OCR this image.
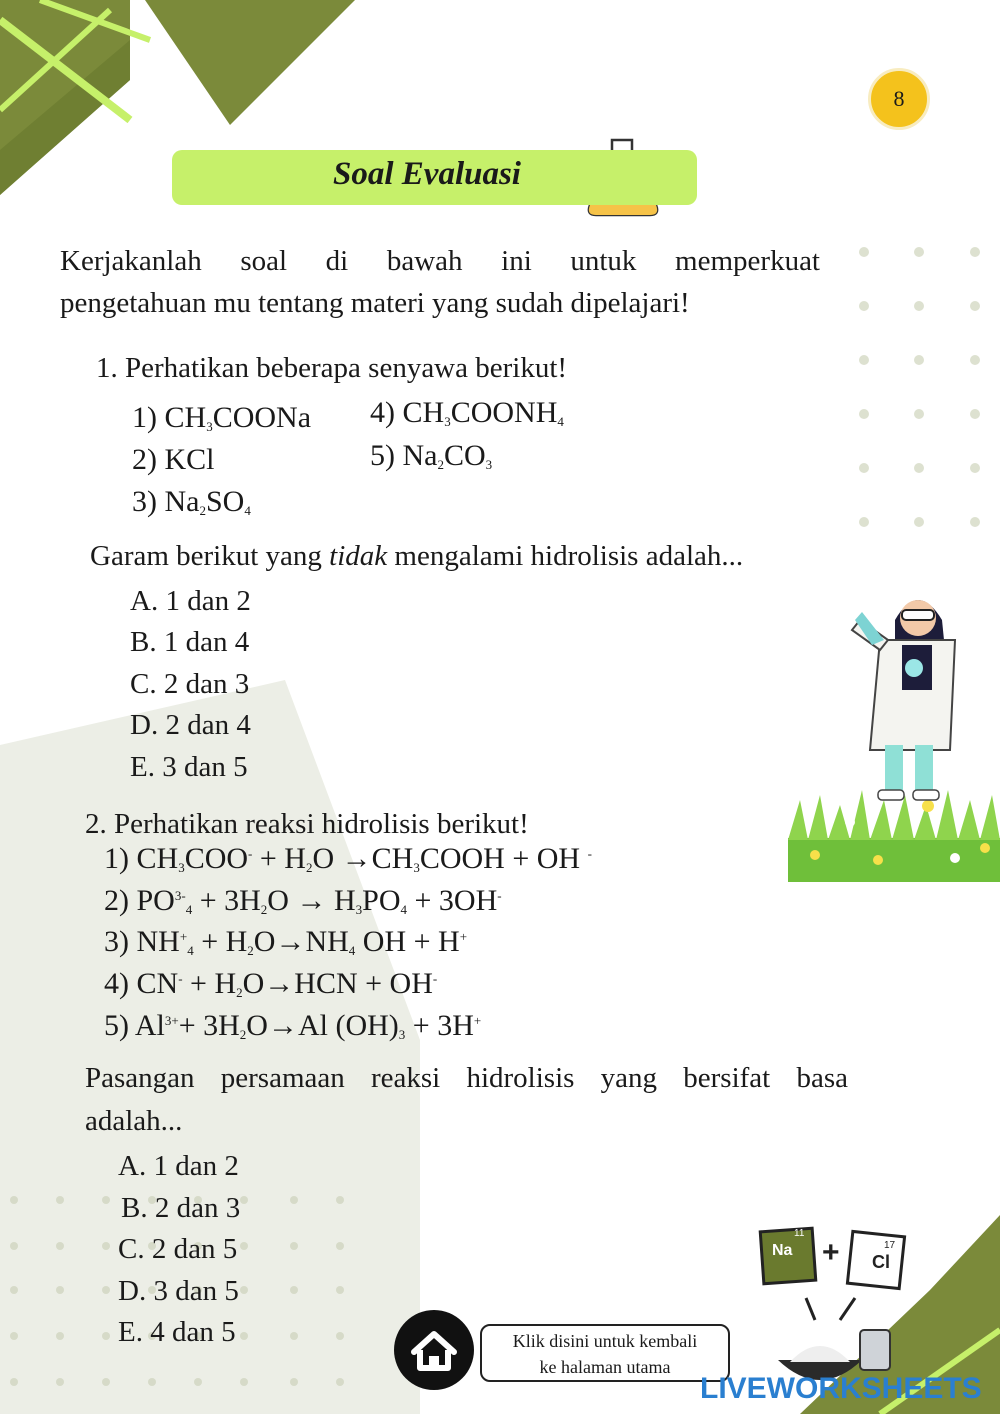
8
Soal Evaluasi
Kerjakanlah soal di bawah ini untuk memperkuat
pengetahuan mu tentang materi yang sudah dipelajari!
1. Perhatikan beberapa senyawa berikut!
1) $CH_3COONa$
2) KCl
3) $Na_2SO_4$
4) $CH_3COONH_4$
5) $Na_2CO_3$
Garam berikut yang tidak mengalami hidrolisis adalah...
A. 1 dan 2
B. 1 dan 4
C. 2 dan 3
D. 2 dan 4
E. 3 dan 5
2. Perhatikan reaksi hidrolisis berikut!
1) $CH_3COO^- + H_2O$ $\to CH_3COOH$ + OH -
2) $PO^{3-}_4 + 3H_2O \to H_3PO_4 + 3OH^-$
3) $NH^+_4 + H_2O\to NH_4$ OH + H+
4) $CN^- + H_2O\to HCN + OH^-$
5) $Al^{3+}+ 3H_2O\to Al$ $(OH)_3 + 3H^+$
Pasangan persamaan reaksi hidrolisis yang bersifat basa
adalah...
A. 1 dan 2
B. 2 dan 3
C. 2 dan 5
D. 3 dan 5
E. 4 dan 5
Na
11
Cl
17
+
Klik disini untuk kembali
ke halaman utama
LIVEWORKSHEETS
